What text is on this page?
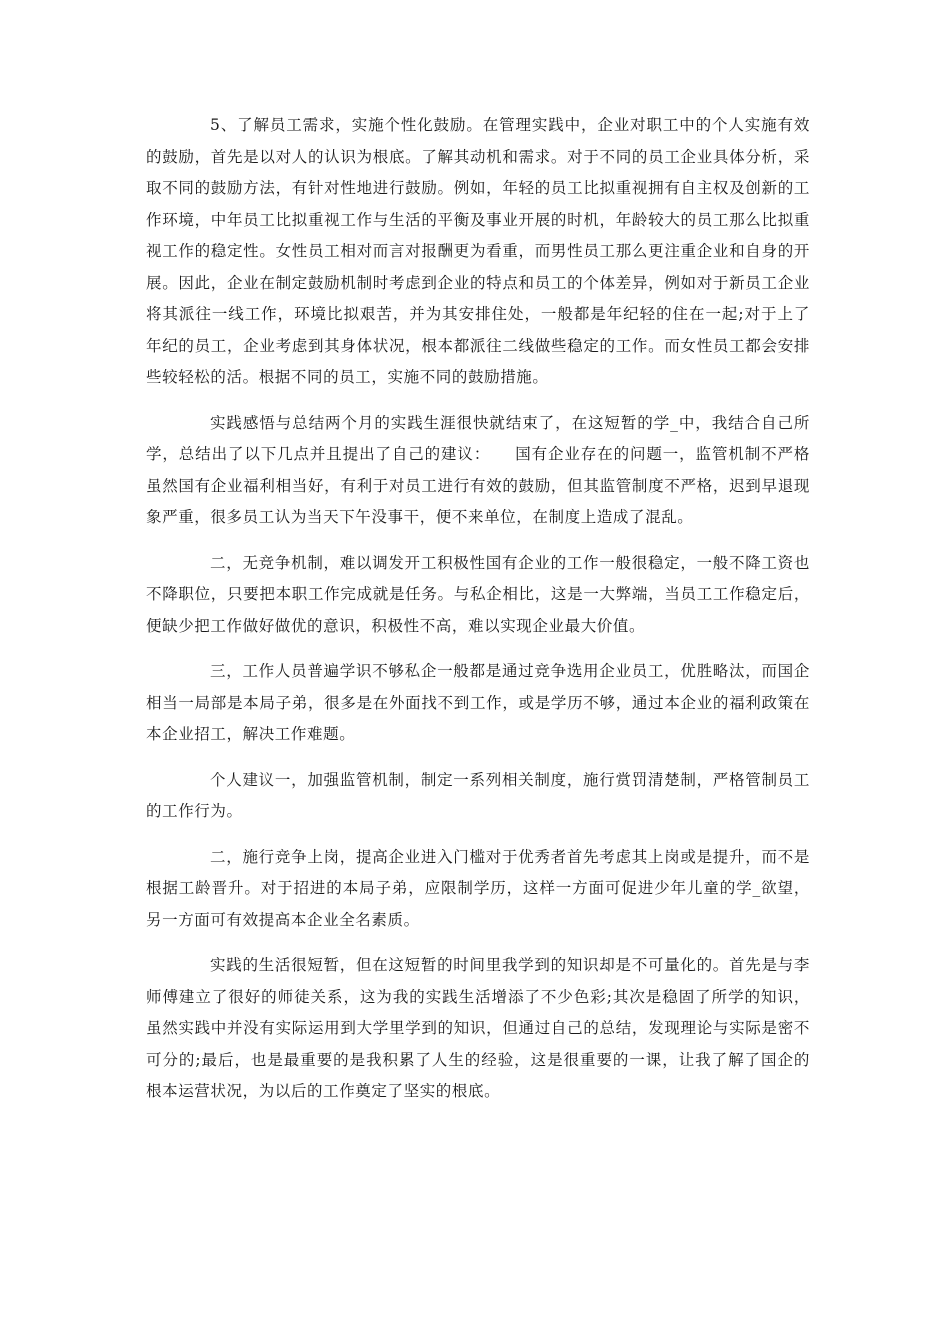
5、了解员工需求，实施个性化鼓励。在管理实践中，企业对职工中的个人实施有效的鼓励，首先是以对人的认识为根底。了解其动机和需求。对于不同的员工企业具体分析，采取不同的鼓励方法，有针对性地进行鼓励。例如，年轻的员工比拟重视拥有自主权及创新的工作环境，中年员工比拟重视工作与生活的平衡及事业开展的时机，年龄较大的员工那么比拟重视工作的稳定性。女性员工相对而言对报酬更为看重，而男性员工那么更注重企业和自身的开展。因此，企业在制定鼓励机制时考虑到企业的特点和员工的个体差异，例如对于新员工企业将其派往一线工作，环境比拟艰苦，并为其安排住处，一般都是年纪轻的住在一起;对于上了年纪的员工，企业考虑到其身体状况，根本都派往二线做些稳定的工作。而女性员工都会安排些较轻松的活。根据不同的员工，实施不同的鼓励措施。

实践感悟与总结两个月的实践生涯很快就结束了，在这短暂的学_中，我结合自己所学，总结出了以下几点并且提出了自己的建议：　　国有企业存在的问题一，监管机制不严格虽然国有企业福利相当好，有利于对员工进行有效的鼓励，但其监管制度不严格，迟到早退现象严重，很多员工认为当天下午没事干，便不来单位，在制度上造成了混乱。

二，无竞争机制，难以调发开工积极性国有企业的工作一般很稳定，一般不降工资也不降职位，只要把本职工作完成就是任务。与私企相比，这是一大弊端，当员工工作稳定后，便缺少把工作做好做优的意识，积极性不高，难以实现企业最大价值。

三，工作人员普遍学识不够私企一般都是通过竞争选用企业员工，优胜略汰，而国企相当一局部是本局子弟，很多是在外面找不到工作，或是学历不够，通过本企业的福利政策在本企业招工，解决工作难题。

个人建议一，加强监管机制，制定一系列相关制度，施行赏罚清楚制，严格管制员工的工作行为。

二，施行竞争上岗，提高企业进入门槛对于优秀者首先考虑其上岗或是提升，而不是根据工龄晋升。对于招进的本局子弟，应限制学历，这样一方面可促进少年儿童的学_欲望，另一方面可有效提高本企业全名素质。

实践的生活很短暂，但在这短暂的时间里我学到的知识却是不可量化的。首先是与李师傅建立了很好的师徒关系，这为我的实践生活增添了不少色彩;其次是稳固了所学的知识，虽然实践中并没有实际运用到大学里学到的知识，但通过自己的总结，发现理论与实际是密不可分的;最后，也是最重要的是我积累了人生的经验，这是很重要的一课，让我了解了国企的根本运营状况，为以后的工作奠定了坚实的根底。
